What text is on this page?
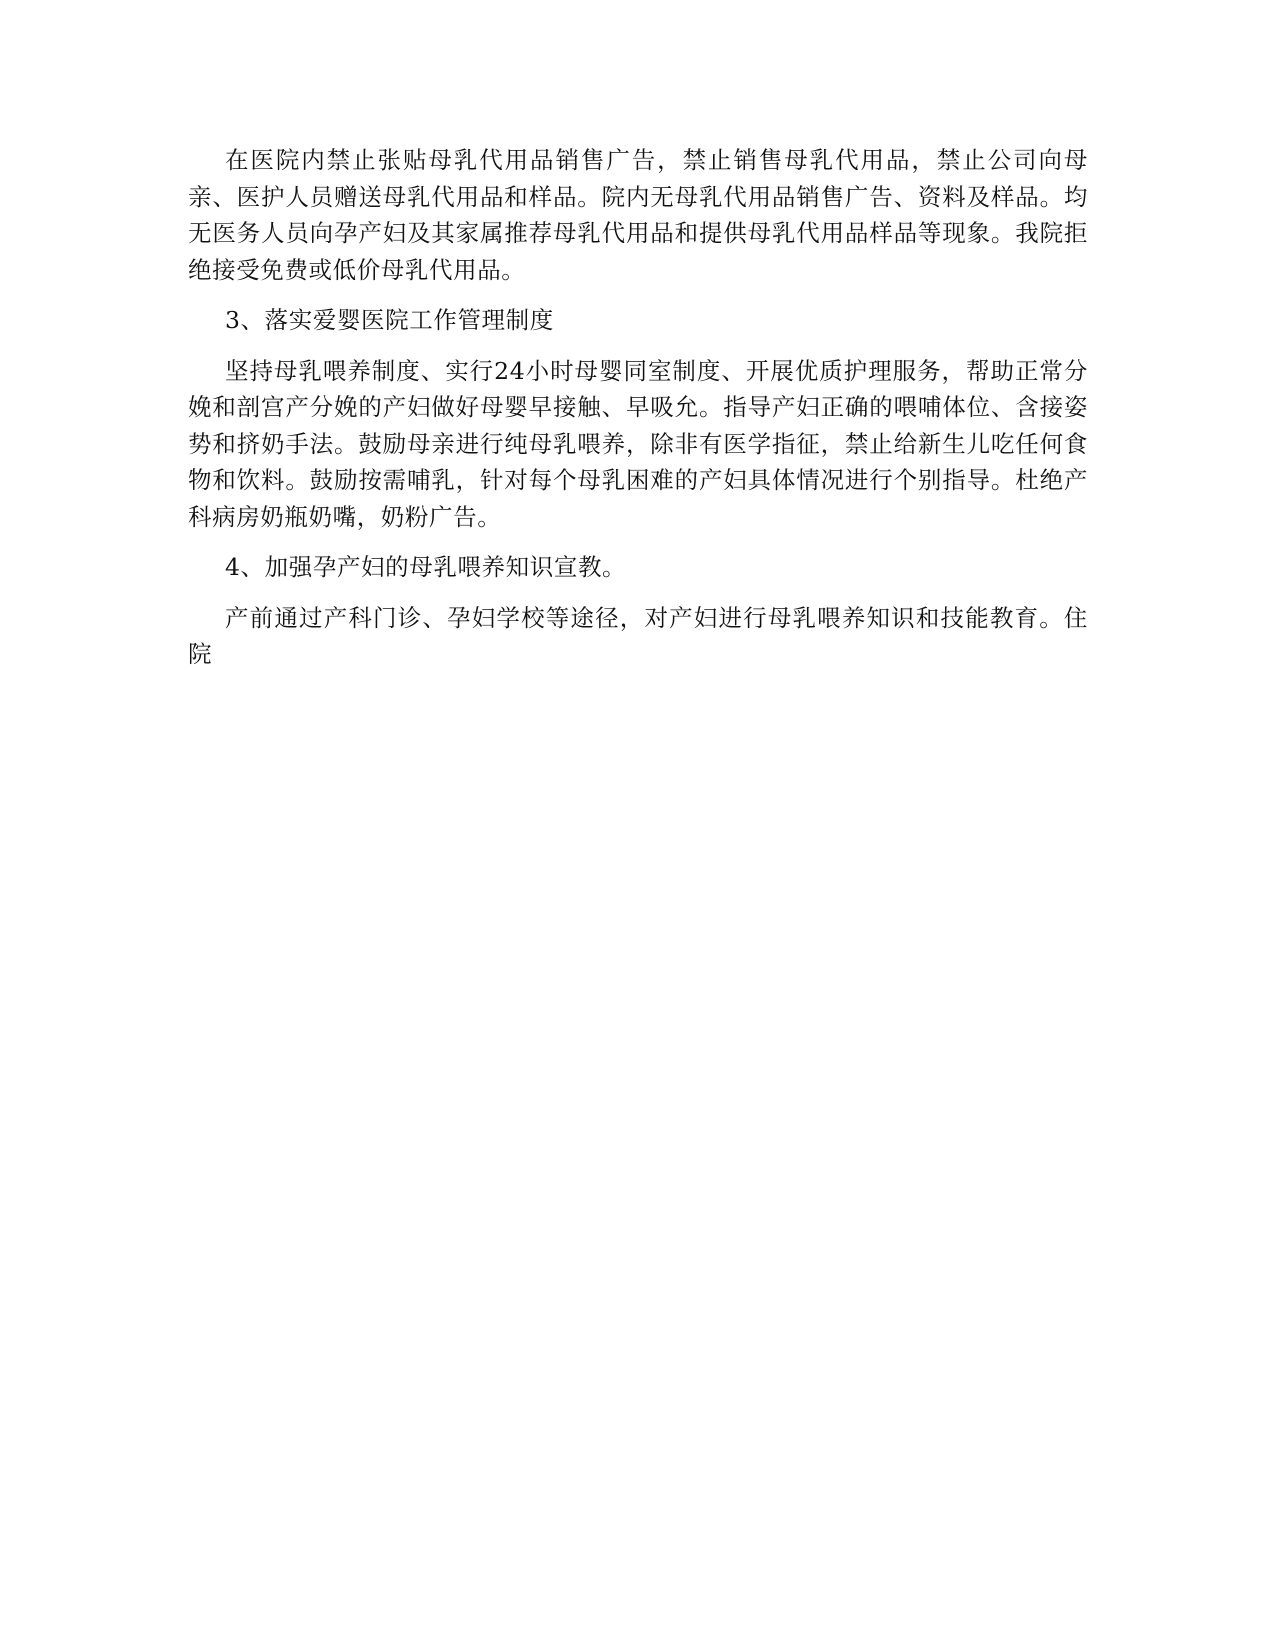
在医院内禁止张贴母乳代用品销售广告，禁止销售母乳代用品，禁止公司向母亲、医护人员赠送母乳代用品和样品。院内无母乳代用品销售广告、资料及样品。均无医务人员向孕产妇及其家属推荐母乳代用品和提供母乳代用品样品等现象。我院拒绝接受免费或低价母乳代用品。

3、落实爱婴医院工作管理制度

坚持母乳喂养制度、实行24小时母婴同室制度、开展优质护理服务，帮助正常分娩和剖宫产分娩的产妇做好母婴早接触、早吸允。指导产妇正确的喂哺体位、含接姿势和挤奶手法。鼓励母亲进行纯母乳喂养，除非有医学指征，禁止给新生儿吃任何食物和饮料。鼓励按需哺乳，针对每个母乳困难的产妇具体情况进行个别指导。杜绝产科病房奶瓶奶嘴，奶粉广告。

4、加强孕产妇的母乳喂养知识宣教。

产前通过产科门诊、孕妇学校等途径，对产妇进行母乳喂养知识和技能教育。住院
